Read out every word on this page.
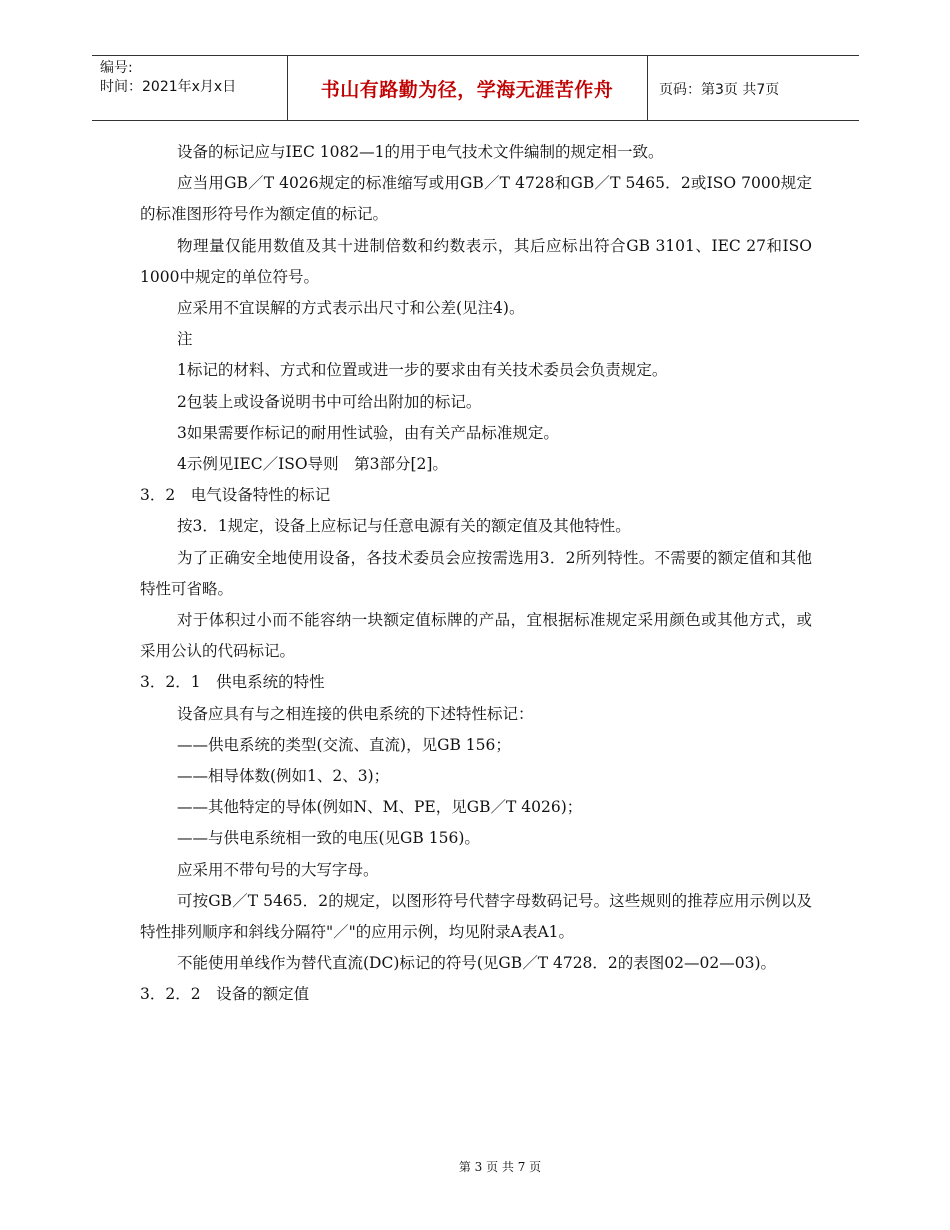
编号:
时间：2021年x月x日	书山有路勤为径，学海无涯苦作舟	页码：第3页 共7页

设备的标记应与IEC 1082—1的用于电气技术文件编制的规定相一致。

应当用GB／T 4026规定的标准缩写或用GB／T 4728和GB／T 5465．2或ISO 7000规定的标准图形符号作为额定值的标记。

物理量仅能用数值及其十进制倍数和约数表示，其后应标出符合GB 3101、IEC 27和ISO 1000中规定的单位符号。

应采用不宜误解的方式表示出尺寸和公差(见注4)。

注

1标记的材料、方式和位置或进一步的要求由有关技术委员会负责规定。

2包装上或设备说明书中可给出附加的标记。

3如果需要作标记的耐用性试验，由有关产品标准规定。

4示例见IEC／ISO导则　第3部分[2]。

3．2　电气设备特性的标记

按3．1规定，设备上应标记与任意电源有关的额定值及其他特性。

为了正确安全地使用设备，各技术委员会应按需选用3．2所列特性。不需要的额定值和其他特性可省略。

对于体积过小而不能容纳一块额定值标牌的产品，宜根据标准规定采用颜色或其他方式，或采用公认的代码标记。

3．2．1　供电系统的特性

设备应具有与之相连接的供电系统的下述特性标记：

——供电系统的类型(交流、直流)，见GB 156；

——相导体数(例如1、2、3)；

——其他特定的导体(例如N、M、PE，见GB／T 4026)；

——与供电系统相一致的电压(见GB 156)。

应采用不带句号的大写字母。

可按GB／T 5465．2的规定，以图形符号代替字母数码记号。这些规则的推荐应用示例以及特性排列顺序和斜线分隔符"／"的应用示例，均见附录A表A1。

不能使用单线作为替代直流(DC)标记的符号(见GB／T 4728．2的表图02—02—03)。

3．2．2　设备的额定值

第 3 页 共 7 页
